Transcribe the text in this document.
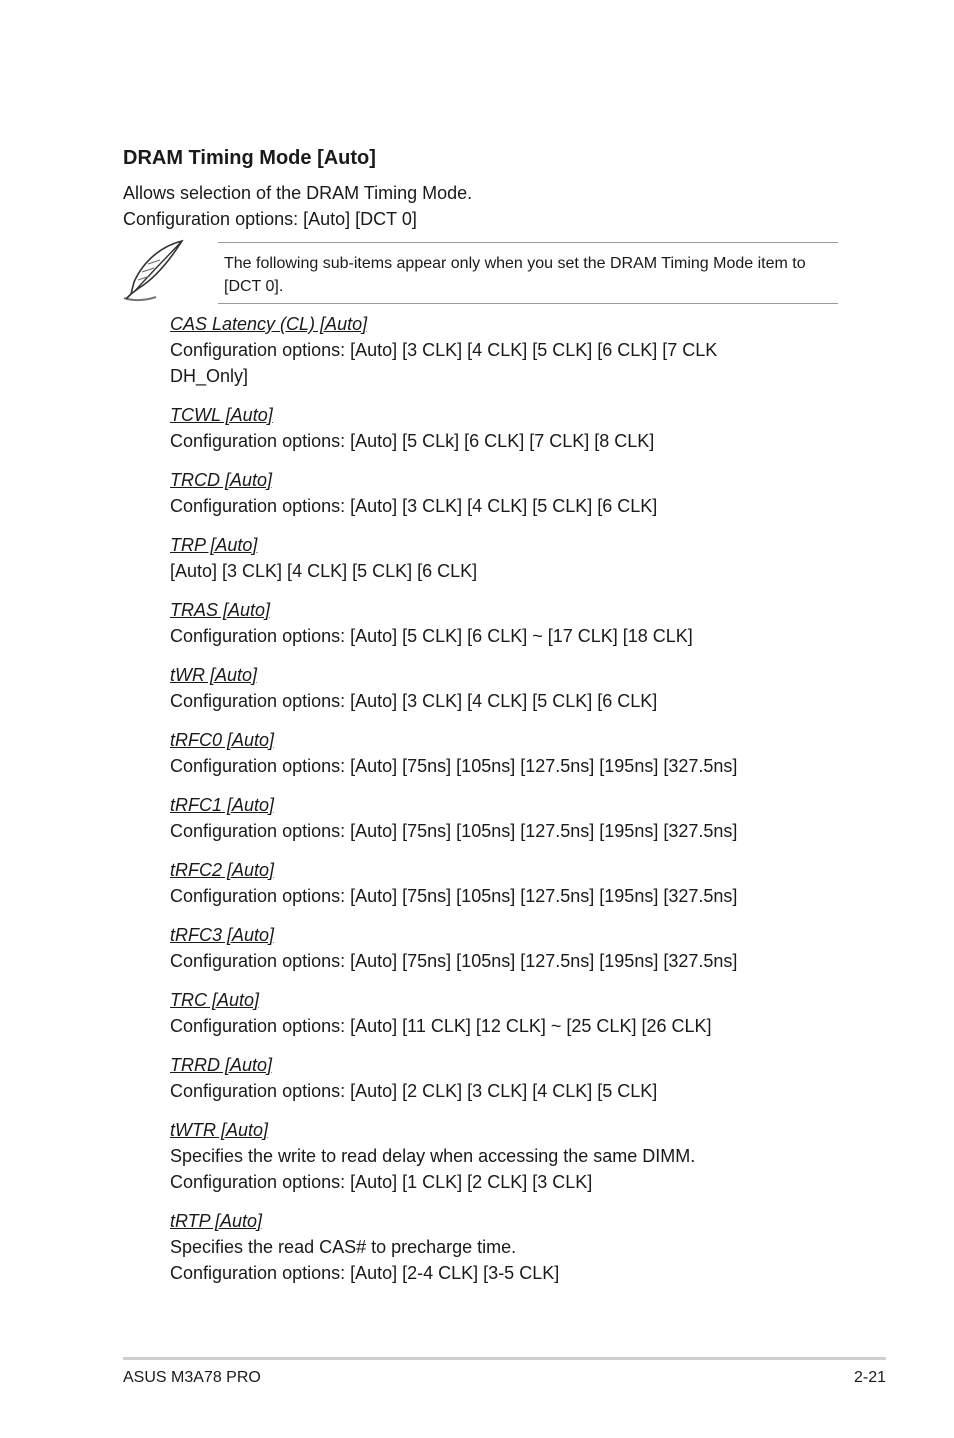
DRAM Timing Mode [Auto]
Allows selection of the DRAM Timing Mode.
Configuration options: [Auto] [DCT 0]
The following sub-items appear only when you set the DRAM Timing Mode item to [DCT 0].
CAS Latency (CL) [Auto]
Configuration options: [Auto] [3 CLK] [4 CLK] [5 CLK] [6 CLK] [7 CLK
DH_Only]
TCWL [Auto]
Configuration options: [Auto] [5 CLk] [6 CLK] [7 CLK] [8 CLK]
TRCD [Auto]
Configuration options: [Auto] [3 CLK] [4 CLK] [5 CLK] [6 CLK]
TRP [Auto]
[Auto] [3 CLK] [4 CLK] [5 CLK] [6 CLK]
TRAS [Auto]
Configuration options: [Auto] [5 CLK] [6 CLK] ~ [17 CLK] [18 CLK]
tWR [Auto]
Configuration options: [Auto] [3 CLK] [4 CLK] [5 CLK] [6 CLK]
tRFC0 [Auto]
Configuration options: [Auto] [75ns] [105ns] [127.5ns] [195ns] [327.5ns]
tRFC1 [Auto]
Configuration options: [Auto] [75ns] [105ns] [127.5ns] [195ns] [327.5ns]
tRFC2 [Auto]
Configuration options: [Auto] [75ns] [105ns] [127.5ns] [195ns] [327.5ns]
tRFC3 [Auto]
Configuration options: [Auto] [75ns] [105ns] [127.5ns] [195ns] [327.5ns]
TRC [Auto]
Configuration options: [Auto] [11 CLK] [12 CLK] ~ [25 CLK] [26 CLK]
TRRD [Auto]
Configuration options: [Auto] [2 CLK] [3 CLK] [4 CLK] [5 CLK]
tWTR [Auto]
Specifies the write to read delay when accessing the same DIMM.
Configuration options: [Auto] [1 CLK] [2 CLK] [3 CLK]
tRTP [Auto]
Specifies the read CAS# to precharge time.
Configuration options: [Auto] [2-4 CLK] [3-5 CLK]
ASUS M3A78 PRO	2-21
